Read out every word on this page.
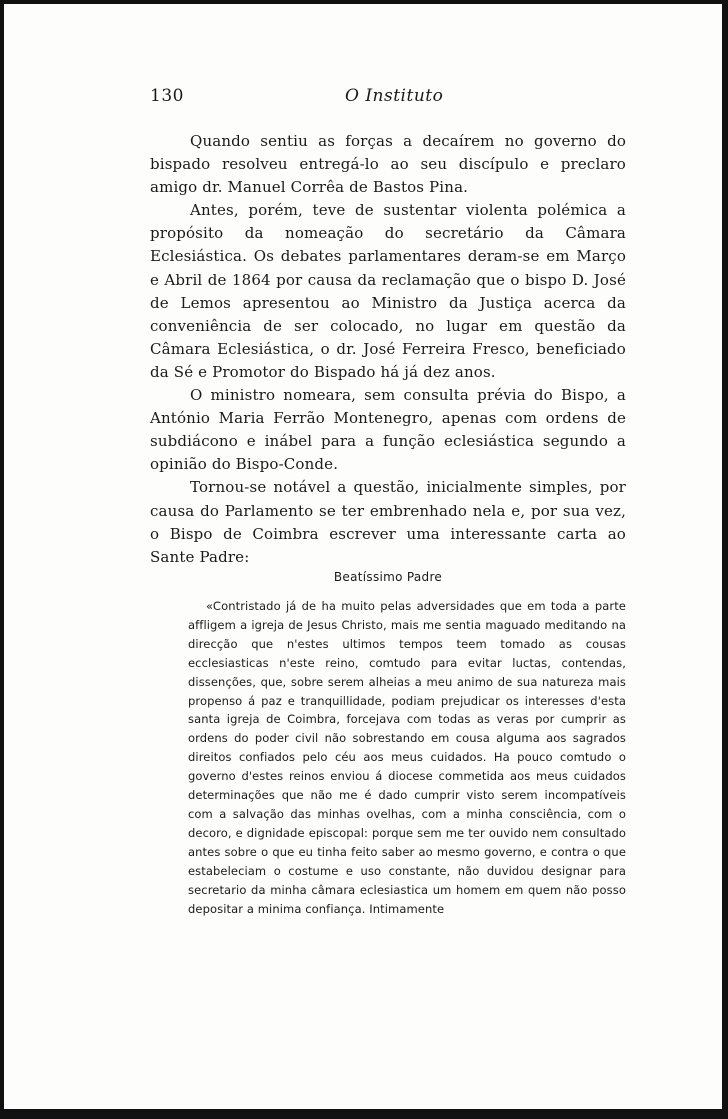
130	O Instituto

Quando sentiu as forças a decaírem no governo do bispado resolveu entregá-lo ao seu discípulo e preclaro amigo dr. Manuel Corrêa de Bastos Pina.

Antes, porém, teve de sustentar violenta polémica a propósito da nomeação do secretário da Câmara Eclesiástica. Os debates parlamentares deram-se em Março e Abril de 1864 por causa da reclamação que o bispo D. José de Lemos apresentou ao Ministro da Justiça acerca da conveniência de ser colocado, no lugar em questão da Câmara Eclesiástica, o dr. José Ferreira Fresco, beneficiado da Sé e Promotor do Bispado há já dez anos.

O ministro nomeara, sem consulta prévia do Bispo, a António Maria Ferrão Montenegro, apenas com ordens de subdiácono e inábel para a função eclesiástica segundo a opinião do Bispo-Conde.

Tornou-se notável a questão, inicialmente simples, por causa do Parlamento se ter embrenhado nela e, por sua vez, o Bispo de Coimbra escrever uma interessante carta ao Sante Padre:

Beatíssimo Padre

«Contristado já de ha muito pelas adversidades que em toda a parte affligem a igreja de Jesus Christo, mais me sentia maguado meditando na direcção que n'estes ultimos tempos teem tomado as cousas ecclesiasticas n'este reino, comtudo para evitar luctas, contendas, dissenções, que, sobre serem alheias a meu animo de sua natureza mais propenso á paz e tranquillidade, podiam prejudicar os interesses d'esta santa igreja de Coimbra, forcejava com todas as veras por cumprir as ordens do poder civil não sobrestando em cousa alguma aos sagrados direitos confiados pelo céu aos meus cuidados. Ha pouco comtudo o governo d'estes reinos enviou á diocese commetida aos meus cuidados determinações que não me é dado cumprir visto serem incompatíveis com a salvação das minhas ovelhas, com a minha consciência, com o decoro, e dignidade episcopal: porque sem me ter ouvido nem consultado antes sobre o que eu tinha feito saber ao mesmo governo, e contra o que estabeleciam o costume e uso constante, não duvidou designar para secretario da minha câmara eclesiastica um homem em quem não posso depositar a minima confiança. Intimamente
